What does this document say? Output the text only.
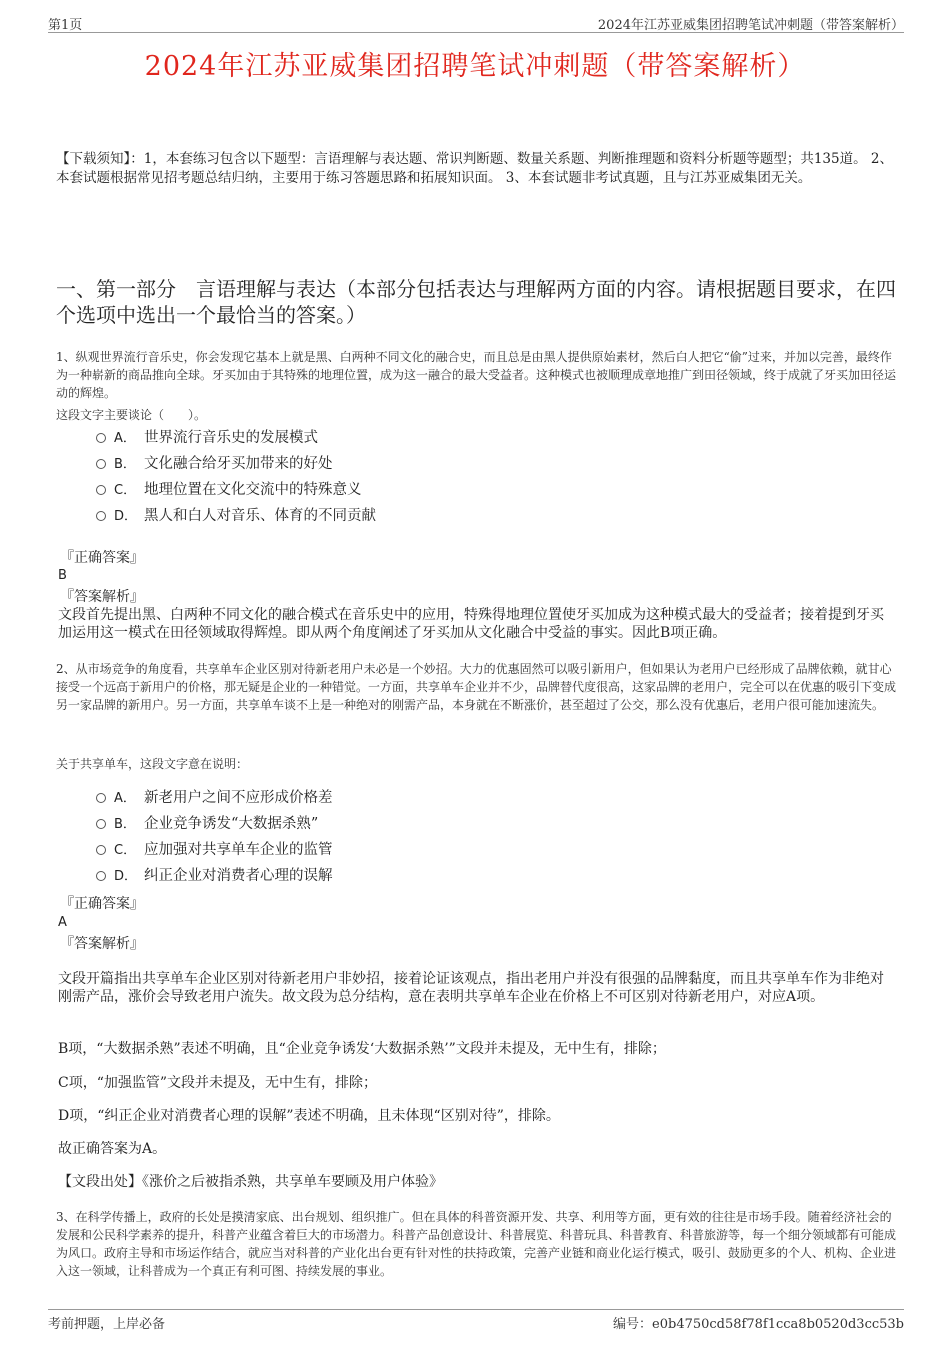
第1页	2024年江苏亚威集团招聘笔试冲刺题（带答案解析）
2024年江苏亚威集团招聘笔试冲刺题（带答案解析）
【下载须知】：1，本套练习包含以下题型：言语理解与表达题、常识判断题、数量关系题、判断推理题和资料分析题等题型；共135道。 2、本套试题根据常见招考题总结归纳，主要用于练习答题思路和拓展知识面。 3、本套试题非考试真题，且与江苏亚威集团无关。
一、第一部分　言语理解与表达（本部分包括表达与理解两方面的内容。请根据题目要求，在四个选项中选出一个最恰当的答案。）
1、纵观世界流行音乐史，你会发现它基本上就是黑、白两种不同文化的融合史，而且总是由黑人提供原始素材，然后白人把它“偷”过来，并加以完善，最终作为一种崭新的商品推向全球。牙买加由于其特殊的地理位置，成为这一融合的最大受益者。这种模式也被顺理成章地推广到田径领域，终于成就了牙买加田径运动的辉煌。
这段文字主要谈论（　　）。
A． 世界流行音乐史的发展模式
B． 文化融合给牙买加带来的好处
C． 地理位置在文化交流中的特殊意义
D． 黑人和白人对音乐、体育的不同贡献
『正确答案』
B
『答案解析』
文段首先提出黑、白两种不同文化的融合模式在音乐史中的应用，特殊得地理位置使牙买加成为这种模式最大的受益者；接着提到牙买加运用这一模式在田径领域取得辉煌。即从两个角度阐述了牙买加从文化融合中受益的事实。因此B项正确。
2、从市场竞争的角度看，共享单车企业区别对待新老用户未必是一个妙招。大力的优惠固然可以吸引新用户，但如果认为老用户已经形成了品牌依赖，就甘心接受一个远高于新用户的价格，那无疑是企业的一种错觉。一方面，共享单车企业并不少，品牌替代度很高，这家品牌的老用户，完全可以在优惠的吸引下变成另一家品牌的新用户。另一方面，共享单车谈不上是一种绝对的刚需产品，本身就在不断涨价，甚至超过了公交，那么没有优惠后，老用户很可能加速流失。
关于共享单车，这段文字意在说明：
A． 新老用户之间不应形成价格差
B． 企业竞争诱发“大数据杀熟”
C． 应加强对共享单车企业的监管
D． 纠正企业对消费者心理的误解
『正确答案』
A
『答案解析』
文段开篇指出共享单车企业区别对待新老用户非妙招，接着论证该观点，指出老用户并没有很强的品牌黏度，而且共享单车作为非绝对刚需产品，涨价会导致老用户流失。故文段为总分结构，意在表明共享单车企业在价格上不可区别对待新老用户，对应A项。
B项，“大数据杀熟”表述不明确，且“企业竞争诱发‘大数据杀熟’”文段并未提及，无中生有，排除；
C项，“加强监管”文段并未提及，无中生有，排除；
D项，“纠正企业对消费者心理的误解”表述不明确，且未体现“区别对待”，排除。
故正确答案为A。
【文段出处】《涨价之后被指杀熟，共享单车要顾及用户体验》
3、在科学传播上，政府的长处是摸清家底、出台规划、组织推广。但在具体的科普资源开发、共享、利用等方面，更有效的往往是市场手段。随着经济社会的发展和公民科学素养的提升，科普产业蕴含着巨大的市场潜力。科普产品创意设计、科普展览、科普玩具、科普教育、科普旅游等，每一个细分领域都有可能成为风口。政府主导和市场运作结合，就应当对科普的产业化出台更有针对性的扶持政策，完善产业链和商业化运行模式，吸引、鼓励更多的个人、机构、企业进入这一领域，让科普成为一个真正有利可图、持续发展的事业。
考前押题，上岸必备	编号：e0b4750cd58f78f1cca8b0520d3cc53b
